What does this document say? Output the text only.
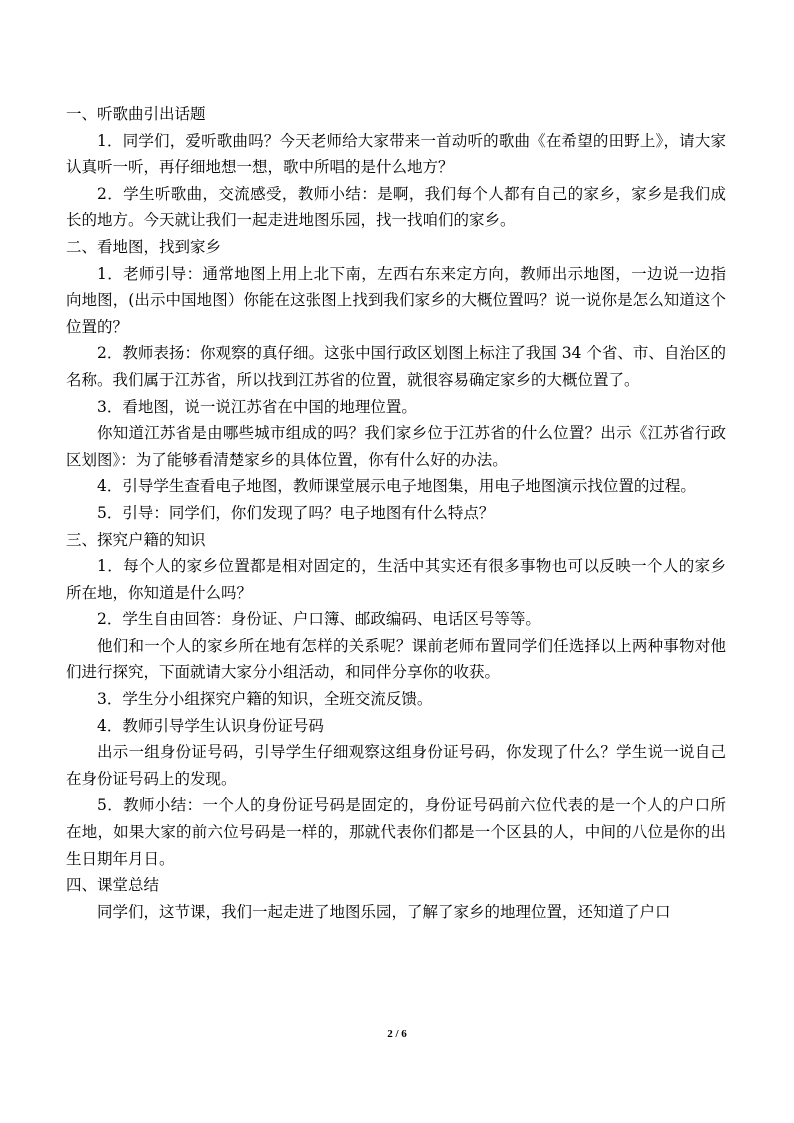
一、听歌曲引出话题

1．同学们，爱听歌曲吗？今天老师给大家带来一首动听的歌曲《在希望的田野上》，请大家认真听一听，再仔细地想一想，歌中所唱的是什么地方？

2．学生听歌曲，交流感受，教师小结：是啊，我们每个人都有自己的家乡，家乡是我们成长的地方。今天就让我们一起走进地图乐园，找一找咱们的家乡。

二、看地图，找到家乡

1．老师引导：通常地图上用上北下南，左西右东来定方向，教师出示地图，一边说一边指向地图，(出示中国地图）你能在这张图上找到我们家乡的大概位置吗？说一说你是怎么知道这个位置的？

2．教师表扬：你观察的真仔细。这张中国行政区划图上标注了我国 34 个省、市、自治区的名称。我们属于江苏省，所以找到江苏省的位置，就很容易确定家乡的大概位置了。

3．看地图，说一说江苏省在中国的地理位置。

你知道江苏省是由哪些城市组成的吗？我们家乡位于江苏省的什么位置？出示《江苏省行政区划图》：为了能够看清楚家乡的具体位置，你有什么好的办法。

4．引导学生查看电子地图，教师课堂展示电子地图集，用电子地图演示找位置的过程。

5．引导：同学们，你们发现了吗？电子地图有什么特点？

三、探究户籍的知识

1．每个人的家乡位置都是相对固定的，生活中其实还有很多事物也可以反映一个人的家乡所在地，你知道是什么吗？

2．学生自由回答：身份证、户口簿、邮政编码、电话区号等等。

他们和一个人的家乡所在地有怎样的关系呢？课前老师布置同学们任选择以上两种事物对他们进行探究，下面就请大家分小组活动，和同伴分享你的收获。

3．学生分小组探究户籍的知识，全班交流反馈。

4．教师引导学生认识身份证号码

出示一组身份证号码，引导学生仔细观察这组身份证号码，你发现了什么？学生说一说自己在身份证号码上的发现。

5．教师小结：一个人的身份证号码是固定的，身份证号码前六位代表的是一个人的户口所在地，如果大家的前六位号码是一样的，那就代表你们都是一个区县的人，中间的八位是你的出生日期年月日。

四、课堂总结

同学们，这节课，我们一起走进了地图乐园，了解了家乡的地理位置，还知道了户口

2 / 6
